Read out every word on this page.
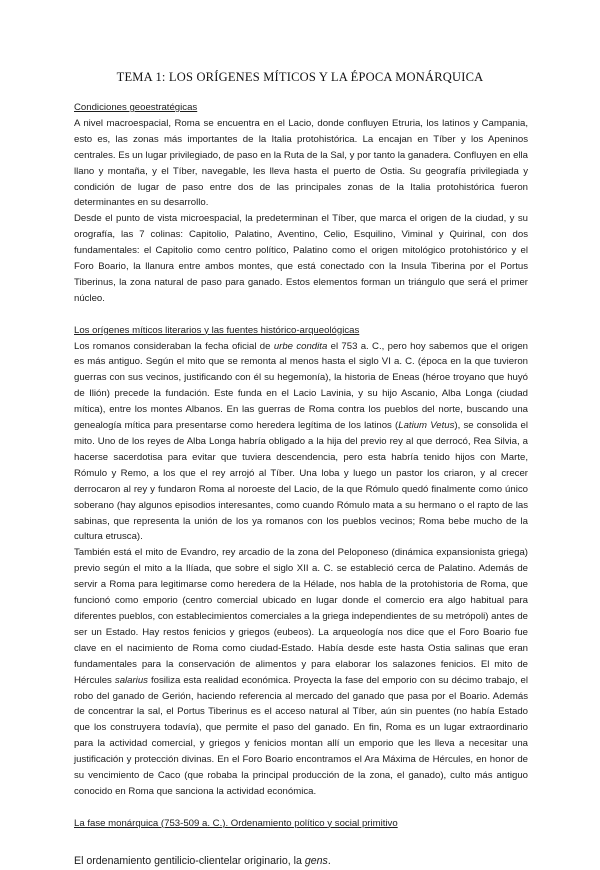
TEMA 1: LOS ORÍGENES MÍTICOS Y LA ÉPOCA MONÁRQUICA

Condiciones geoestratégicas

A nivel macroespacial, Roma se encuentra en el Lacio, donde confluyen Etruria, los latinos y Campania, esto es, las zonas más importantes de la Italia protohistórica. La encajan en Tíber y los Apeninos centrales. Es un lugar privilegiado, de paso en la Ruta de la Sal, y por tanto la ganadera. Confluyen en ella llano y montaña, y el Tíber, navegable, les lleva hasta el puerto de Ostia. Su geografía privilegiada y condición de lugar de paso entre dos de las principales zonas de la Italia protohistórica fueron determinantes en su desarrollo.

Desde el punto de vista microespacial, la predeterminan el Tíber, que marca el origen de la ciudad, y su orografía, las 7 colinas: Capitolio, Palatino, Aventino, Celio, Esquilino, Viminal y Quirinal, con dos fundamentales: el Capitolio como centro político, Palatino como el origen mitológico protohistórico y el Foro Boario, la llanura entre ambos montes, que está conectado con la Insula Tiberina por el Portus Tiberinus, la zona natural de paso para ganado. Estos elementos forman un triángulo que será el primer núcleo.

Los orígenes míticos literarios y las fuentes histórico-arqueológicas

Los romanos consideraban la fecha oficial de urbe condita el 753 a. C., pero hoy sabemos que el origen es más antiguo. Según el mito que se remonta al menos hasta el siglo VI a. C. (época en la que tuvieron guerras con sus vecinos, justificando con él su hegemonía), la historia de Eneas (héroe troyano que huyó de Ilión) precede la fundación. Este funda en el Lacio Lavinia, y su hijo Ascanio, Alba Longa (ciudad mítica), entre los montes Albanos. En las guerras de Roma contra los pueblos del norte, buscando una genealogía mítica para presentarse como heredera legítima de los latinos (Latium Vetus), se consolida el mito. Uno de los reyes de Alba Longa habría obligado a la hija del previo rey al que derrocó, Rea Silvia, a hacerse sacerdotisa para evitar que tuviera descendencia, pero esta habría tenido hijos con Marte, Rómulo y Remo, a los que el rey arrojó al Tíber. Una loba y luego un pastor los criaron, y al crecer derrocaron al rey y fundaron Roma al noroeste del Lacio, de la que Rómulo quedó finalmente como único soberano (hay algunos episodios interesantes, como cuando Rómulo mata a su hermano o el rapto de las sabinas, que representa la unión de los ya romanos con los pueblos vecinos; Roma bebe mucho de la cultura etrusca).

También está el mito de Evandro, rey arcadio de la zona del Peloponeso (dinámica expansionista griega) previo según el mito a la Ilíada, que sobre el siglo XII a. C. se estableció cerca de Palatino. Además de servir a Roma para legitimarse como heredera de la Hélade, nos habla de la protohistoria de Roma, que funcionó como emporio (centro comercial ubicado en lugar donde el comercio era algo habitual para diferentes pueblos, con establecimientos comerciales a la griega independientes de su metrópoli) antes de ser un Estado. Hay restos fenicios y griegos (eubeos). La arqueología nos dice que el Foro Boario fue clave en el nacimiento de Roma como ciudad-Estado. Había desde este hasta Ostia salinas que eran fundamentales para la conservación de alimentos y para elaborar los salazones fenicios. El mito de Hércules salarius fosiliza esta realidad económica. Proyecta la fase del emporio con su décimo trabajo, el robo del ganado de Gerión, haciendo referencia al mercado del ganado que pasa por el Boario. Además de concentrar la sal, el Portus Tiberinus es el acceso natural al Tíber, aún sin puentes (no había Estado que los construyera todavía), que permite el paso del ganado. En fin, Roma es un lugar extraordinario para la actividad comercial, y griegos y fenicios montan allí un emporio que les lleva a necesitar una justificación y protección divinas. En el Foro Boario encontramos el Ara Máxima de Hércules, en honor de su vencimiento de Caco (que robaba la principal producción de la zona, el ganado), culto más antiguo conocido en Roma que sanciona la actividad económica.

La fase monárquica (753-509 a. C.). Ordenamiento político y social primitivo

El ordenamiento gentilicio-clientelar originario, la gens.
